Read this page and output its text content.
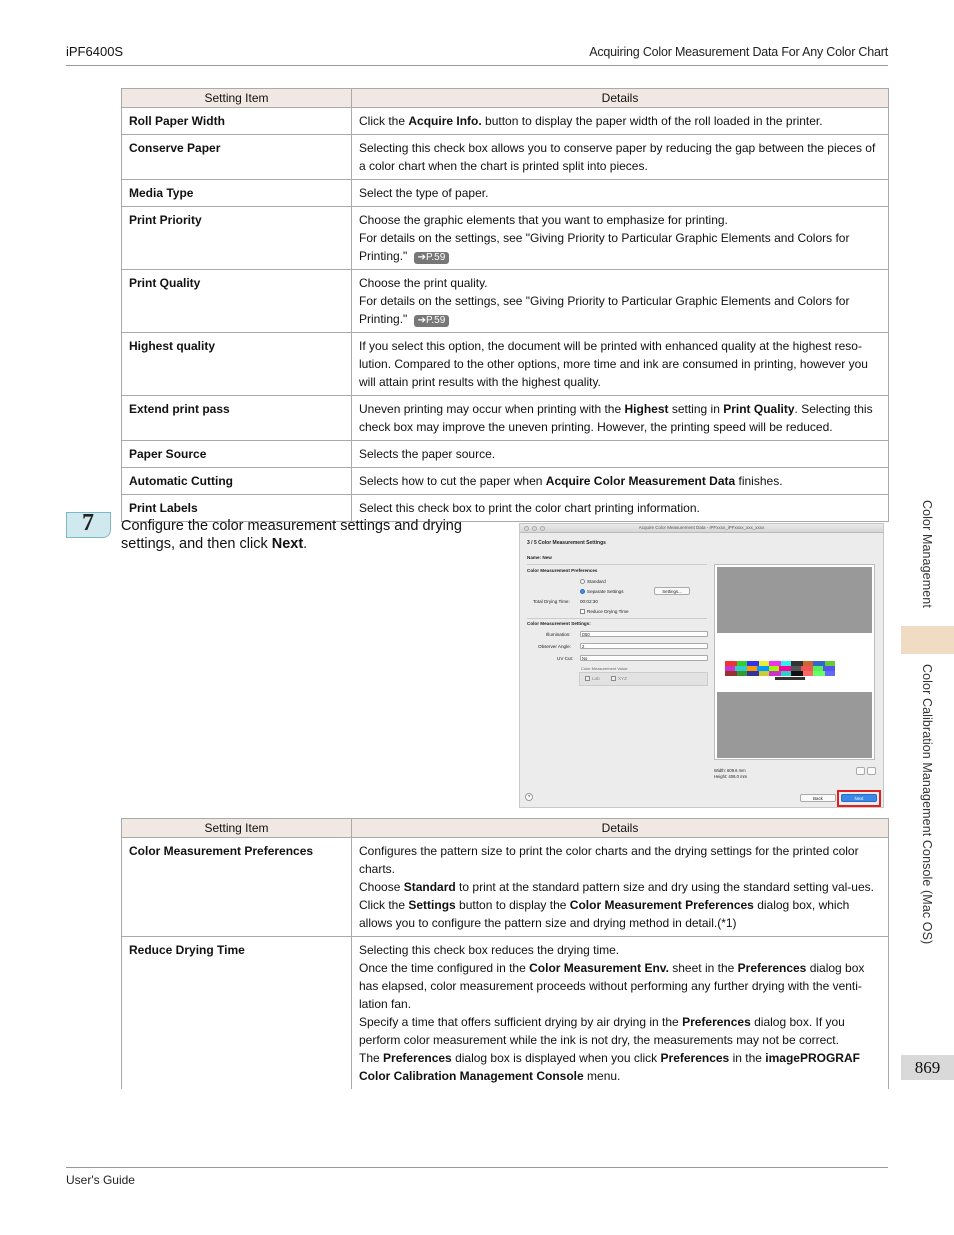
iPF6400S	Acquiring Color Measurement Data For Any Color Chart
Setting Item	Details
Roll Paper Width	Click the Acquire Info. button to display the paper width of the roll loaded in the printer.
Conserve Paper	Selecting this check box allows you to conserve paper by reducing the gap between the pieces of a color chart when the chart is printed split into pieces.
Media Type	Select the type of paper.
Print Priority	Choose the graphic elements that you want to emphasize for printing.
For details on the settings, see "Giving Priority to Particular Graphic Elements and Colors for Printing." ➔P.59
Print Quality	Choose the print quality.
For details on the settings, see "Giving Priority to Particular Graphic Elements and Colors for Printing." ➔P.59
Highest quality	If you select this option, the document will be printed with enhanced quality at the highest reso-lution. Compared to the other options, more time and ink are consumed in printing, however you will attain print results with the highest quality.
Extend print pass	Uneven printing may occur when printing with the Highest setting in Print Quality. Selecting this check box may improve the uneven printing. However, the printing speed will be reduced.
Paper Source	Selects the paper source.
Automatic Cutting	Selects how to cut the paper when Acquire Color Measurement Data finishes.
Print Labels	Select this check box to print the color chart printing information.
7 Configure the color measurement settings and drying settings, and then click Next.
Acquire Color Measurement Data - iPFxxxx_iPFxxxx_xxx_xxxx
3 / 5 Color Measurement Settings
Name: New
Color Measurement Preferences
Standard
Separate Settings	Settings...
Total Drying Time: 00:02:30
Reduce Drying Time
Color Measurement Settings:
Illumination:	D50
Observer Angle:	2
UV Cut:	No
Color Measurement Value:
Lab	XYZ
Width: 609.6 mm
Height: 406.0 mm
?	Back	Next
Setting Item	Details
Color Measurement Preferences	Configures the pattern size to print the color charts and the drying settings for the printed color charts.
Choose Standard to print at the standard pattern size and dry using the standard setting val-ues.
Click the Settings button to display the Color Measurement Preferences dialog box, which allows you to configure the pattern size and drying method in detail.(*1)
Reduce Drying Time	Selecting this check box reduces the drying time.
Once the time configured in the Color Measurement Env. sheet in the Preferences dialog box has elapsed, color measurement proceeds without performing any further drying with the venti-lation fan.
Specify a time that offers sufficient drying by air drying in the Preferences dialog box. If you perform color measurement while the ink is not dry, the measurements may not be correct.
The Preferences dialog box is displayed when you click Preferences in the imagePROGRAF Color Calibration Management Console menu.
Color Management
Color Calibration Management Console (Mac OS)
869
User's Guide
